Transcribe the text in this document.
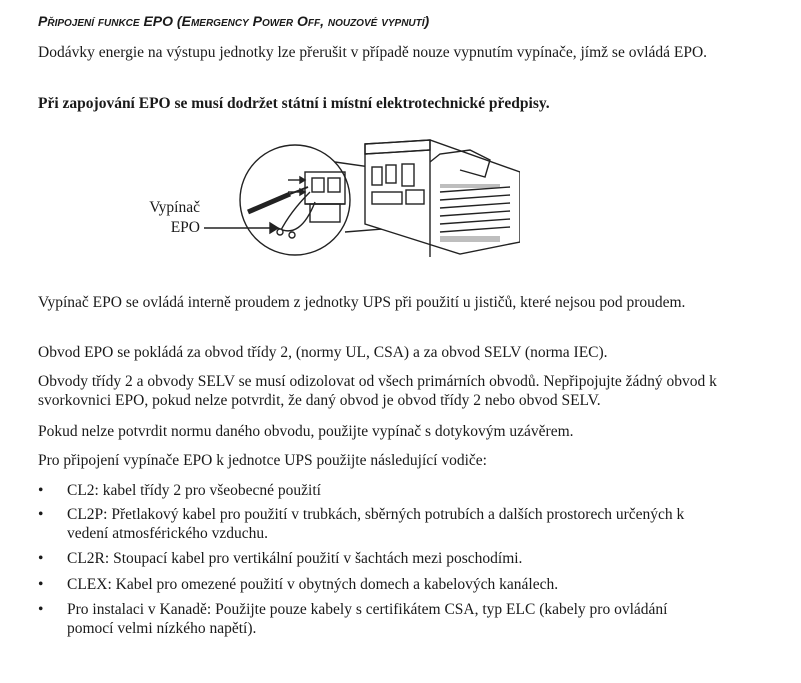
Připojení funkce EPO (Emergency Power Off, nouzové vypnutí)

Dodávky energie na výstupu jednotky lze přerušit v případě nouze vypnutím vypínače, jímž se ovládá EPO.

Při zapojování EPO se musí dodržet státní i místní elektrotechnické předpisy.

Vypínač
EPO

Vypínač EPO se ovládá interně proudem z jednotky UPS při použití u jističů, které nejsou pod proudem.

Obvod EPO se pokládá za obvod třídy 2, (normy UL, CSA) a za obvod SELV (norma IEC).

Obvody třídy 2 a obvody SELV se musí odizolovat od všech primárních obvodů. Nepřipojujte žádný obvod k svorkovnici EPO, pokud nelze potvrdit, že daný obvod je obvod třídy 2 nebo obvod SELV.

Pokud nelze potvrdit normu daného obvodu, použijte vypínač s dotykovým uzávěrem.

Pro připojení vypínače EPO k jednotce UPS použijte následující vodiče:

•	CL2: kabel třídy 2 pro všeobecné použití
•	CL2P: Přetlakový kabel pro použití v trubkách, sběrných potrubích a dalších prostorech určených k vedení atmosférického vzduchu.
•	CL2R: Stoupací kabel pro vertikální použití v šachtách mezi poschodími.
•	CLEX: Kabel pro omezené použití v obytných domech a kabelových kanálech.
•	Pro instalaci v Kanadě: Použijte pouze kabely s certifikátem CSA, typ ELC (kabely pro ovládání pomocí velmi nízkého napětí).
